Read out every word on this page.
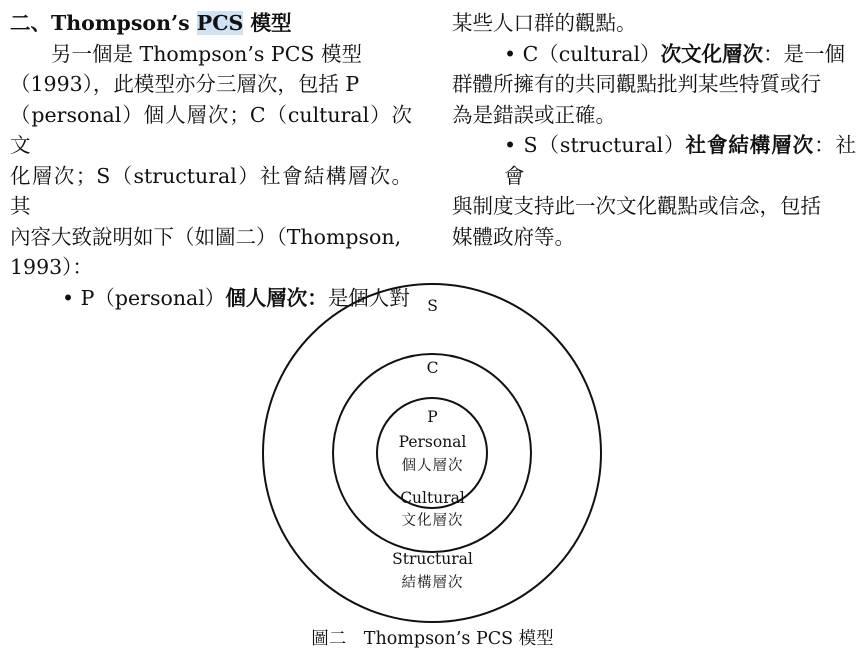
二、Thompson’s PCS 模型

另一個是 Thompson’s PCS 模型

（1993），此模型亦分三層次，包括 P

（personal）個人層次；C（cultural）次文

化層次；S（structural）社會結構層次。其

內容大致說明如下（如圖二）（Thompson,

1993）：

• P（personal）個人層次：是個人對

某些人口群的觀點。

• C（cultural）次文化層次：是一個

群體所擁有的共同觀點批判某些特質或行

為是錯誤或正確。

• S（structural）社會結構層次：社會

與制度支持此一次文化觀點或信念，包括

媒體政府等。

S
C
P
Personal
個人層次
Cultural
文化層次
Structural
結構層次
圖二　Thompson’s PCS 模型
